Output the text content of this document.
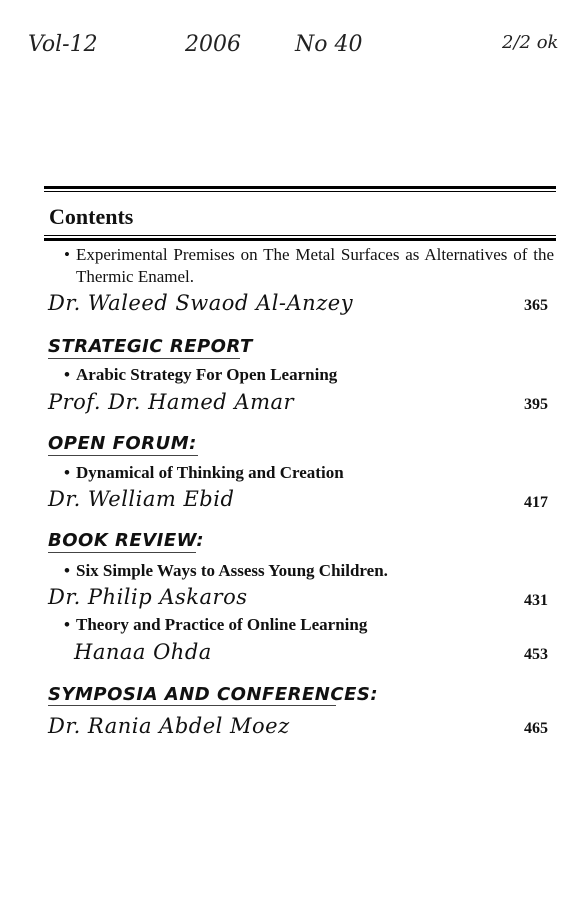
Vol-12	2006 No 40	2/2 ok
Contents
• Experimental Premises on The Metal Surfaces as Alternatives of the Thermic Enamel.
Dr. Waleed Swaod Al-Anzey	365
STRATEGIC REPORT
• Arabic Strategy For Open Learning
Prof. Dr. Hamed Amar	395
OPEN FORUM:
• Dynamical of Thinking and Creation
Dr. Welliam Ebid	417
BOOK REVIEW:
• Six Simple Ways to Assess Young Children.
Dr. Philip Askaros	431
• Theory and Practice of Online Learning
Hanaa Ohda	453
SYMPOSIA AND CONFERENCES:
Dr. Rania Abdel Moez	465
